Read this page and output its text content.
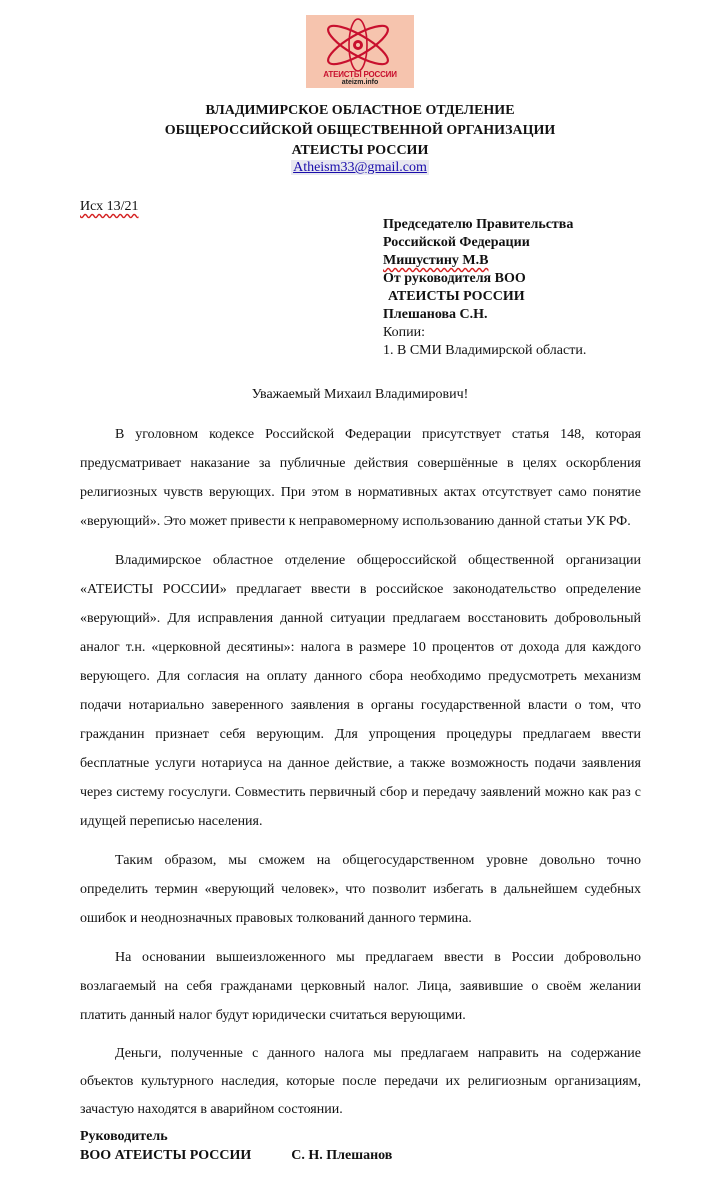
АТЕИСТЫ РОССИИ
ateizm.info
ВЛАДИМИРСКОЕ ОБЛАСТНОЕ ОТДЕЛЕНИЕ
ОБЩЕРОССИЙСКОЙ ОБЩЕСТВЕННОЙ ОРГАНИЗАЦИИ
АТЕИСТЫ РОССИИ
Atheism33@gmail.com
Исх 13/21
Председателю Правительства
Российской Федерации
Мишустину М.В
От руководителя ВОО
АТЕИСТЫ РОССИИ
Плешанова С.Н.
Копии:
1. В СМИ Владимирской области.
Уважаемый Михаил Владимирович!

В уголовном кодексе Российской Федерации присутствует статья 148, которая предусматривает наказание за публичные действия совершённые в целях оскорбления религиозных чувств верующих. При этом в нормативных актах отсутствует само понятие «верующий». Это может привести к неправомерному использованию данной статьи УК РФ.

Владимирское областное отделение общероссийской общественной организации «АТЕИСТЫ РОССИИ» предлагает ввести в российское законодательство определение «верующий». Для исправления данной ситуации предлагаем восстановить добровольный аналог т.н. «церковной десятины»: налога в размере 10 процентов от дохода для каждого верующего. Для согласия на оплату данного сбора необходимо предусмотреть механизм подачи нотариально заверенного заявления в органы государственной власти о том, что гражданин признает себя верующим. Для упрощения процедуры предлагаем ввести бесплатные услуги нотариуса на данное действие, а также возможность подачи заявления через систему госуслуги. Совместить первичный сбор и передачу заявлений можно как раз с идущей переписью населения.

Таким образом, мы сможем на общегосударственном уровне довольно точно определить термин «верующий человек», что позволит избегать в дальнейшем судебных ошибок и неоднозначных правовых толкований данного термина.

На основании вышеизложенного мы предлагаем ввести в России добровольно возлагаемый на себя гражданами церковный налог. Лица, заявившие о своём желании платить данный налог будут юридически считаться верующими.

Деньги, полученные с данного налога мы предлагаем направить на содержание объектов культурного наследия, которые после передачи их религиозным организациям, зачастую находятся в аварийном состоянии.

Руководитель
ВОО АТЕИСТЫ РОССИИ	С. Н. Плешанов
